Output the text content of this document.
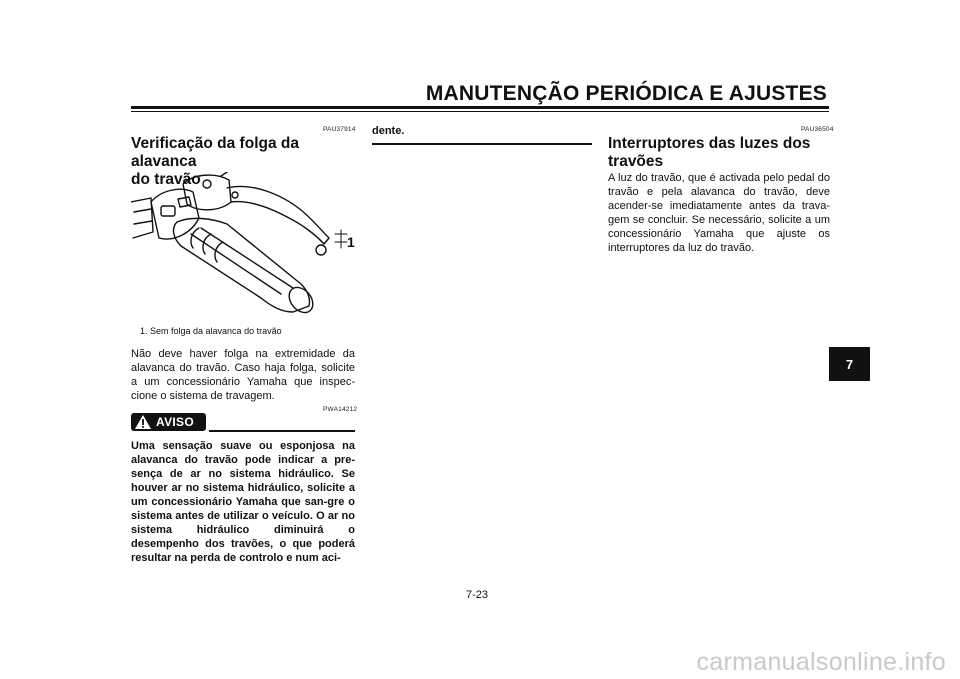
MANUTENÇÃO PERIÓDICA E AJUSTES
PAU37914
Verificação da folga da alavanca
do travão
1
1. Sem folga da alavanca do travão

Não deve haver folga na extremidade da alavanca do travão. Caso haja folga, solicite a um concessionário Yamaha que inspec-cione o sistema de travagem.

PWA14212
AVISO

Uma sensação suave ou esponjosa na alavanca do travão pode indicar a pre-sença de ar no sistema hidráulico. Se houver ar no sistema hidráulico, solicite a um concessionário Yamaha que san-gre o sistema antes de utilizar o veículo. O ar no sistema hidráulico diminuirá o desempenho dos travões, o que poderá resultar na perda de controlo e num aci-

dente.	PAU36504
Interruptores das luzes dos
travões

A luz do travão, que é activada pelo pedal do travão e pela alavanca do travão, deve acender-se imediatamente antes da trava-gem se concluir. Se necessário, solicite a um concessionário Yamaha que ajuste os interruptores da luz do travão.

7
7-23
carmanualsonline.info
